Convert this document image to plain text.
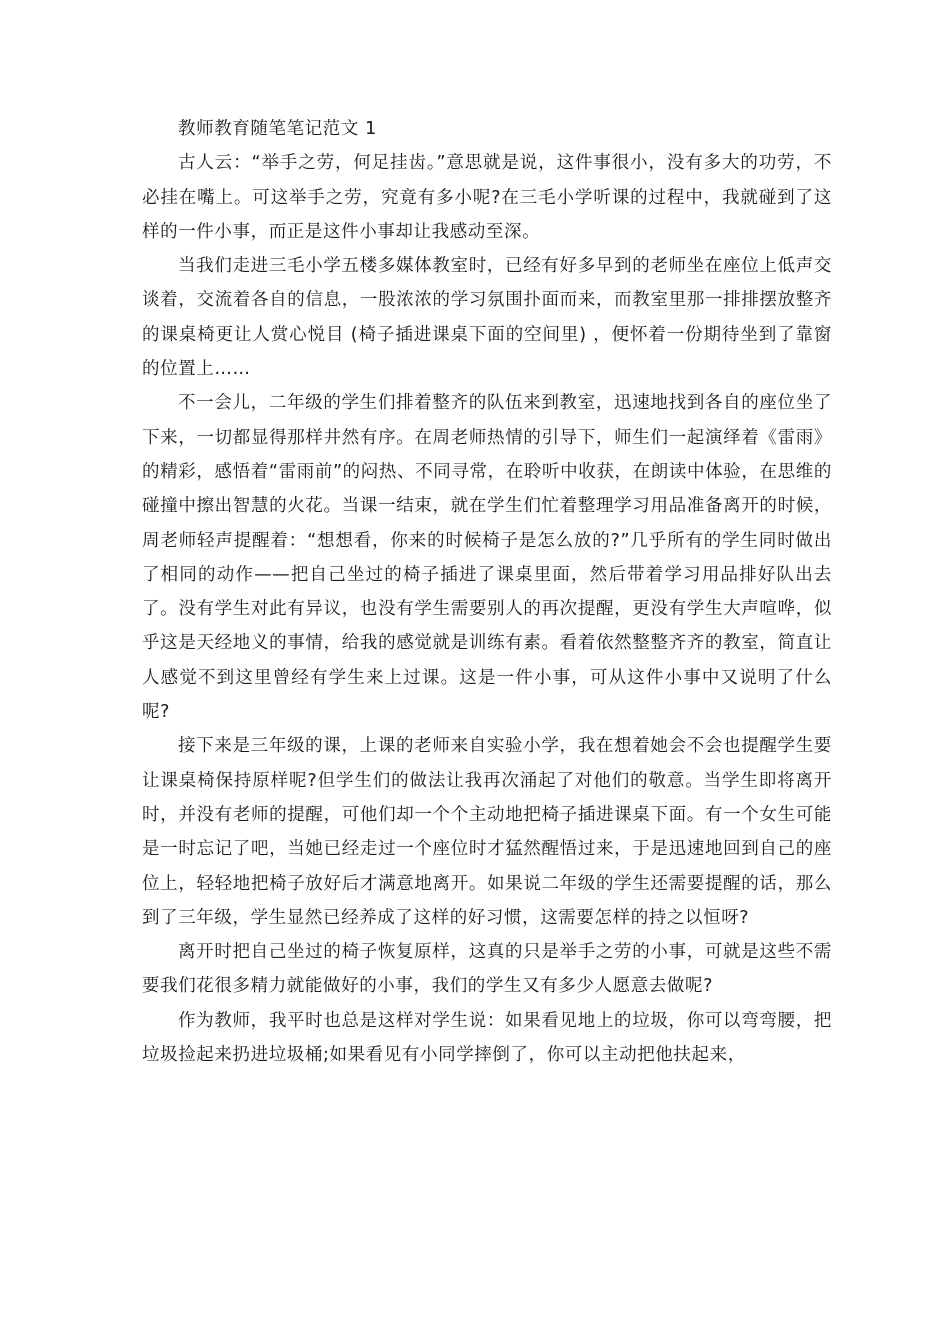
教师教育随笔笔记范文 1

古人云：“举手之劳，何足挂齿。”意思就是说，这件事很小，没有多大的功劳，不必挂在嘴上。可这举手之劳，究竟有多小呢?在三毛小学听课的过程中，我就碰到了这样的一件小事，而正是这件小事却让我感动至深。

当我们走进三毛小学五楼多媒体教室时，已经有好多早到的老师坐在座位上低声交谈着，交流着各自的信息，一股浓浓的学习氛围扑面而来，而教室里那一排排摆放整齐的课桌椅更让人赏心悦目 (椅子插进课桌下面的空间里) ，便怀着一份期待坐到了靠窗的位置上……

不一会儿，二年级的学生们排着整齐的队伍来到教室，迅速地找到各自的座位坐了下来，一切都显得那样井然有序。在周老师热情的引导下，师生们一起演绎着《雷雨》的精彩，感悟着“雷雨前”的闷热、不同寻常，在聆听中收获，在朗读中体验，在思维的碰撞中擦出智慧的火花。当课一结束，就在学生们忙着整理学习用品准备离开的时候，周老师轻声提醒着：“想想看，你来的时候椅子是怎么放的?”几乎所有的学生同时做出了相同的动作——把自己坐过的椅子插进了课桌里面，然后带着学习用品排好队出去了。没有学生对此有异议，也没有学生需要别人的再次提醒，更没有学生大声喧哗，似乎这是天经地义的事情，给我的感觉就是训练有素。看着依然整整齐齐的教室，简直让人感觉不到这里曾经有学生来上过课。这是一件小事，可从这件小事中又说明了什么呢?

接下来是三年级的课，上课的老师来自实验小学，我在想着她会不会也提醒学生要让课桌椅保持原样呢?但学生们的做法让我再次涌起了对他们的敬意。当学生即将离开时，并没有老师的提醒，可他们却一个个主动地把椅子插进课桌下面。有一个女生可能是一时忘记了吧，当她已经走过一个座位时才猛然醒悟过来，于是迅速地回到自己的座位上，轻轻地把椅子放好后才满意地离开。如果说二年级的学生还需要提醒的话，那么到了三年级，学生显然已经养成了这样的好习惯，这需要怎样的持之以恒呀?

离开时把自己坐过的椅子恢复原样，这真的只是举手之劳的小事，可就是这些不需要我们花很多精力就能做好的小事，我们的学生又有多少人愿意去做呢?

作为教师，我平时也总是这样对学生说：如果看见地上的垃圾，你可以弯弯腰，把垃圾捡起来扔进垃圾桶;如果看见有小同学摔倒了，你可以主动把他扶起来，
